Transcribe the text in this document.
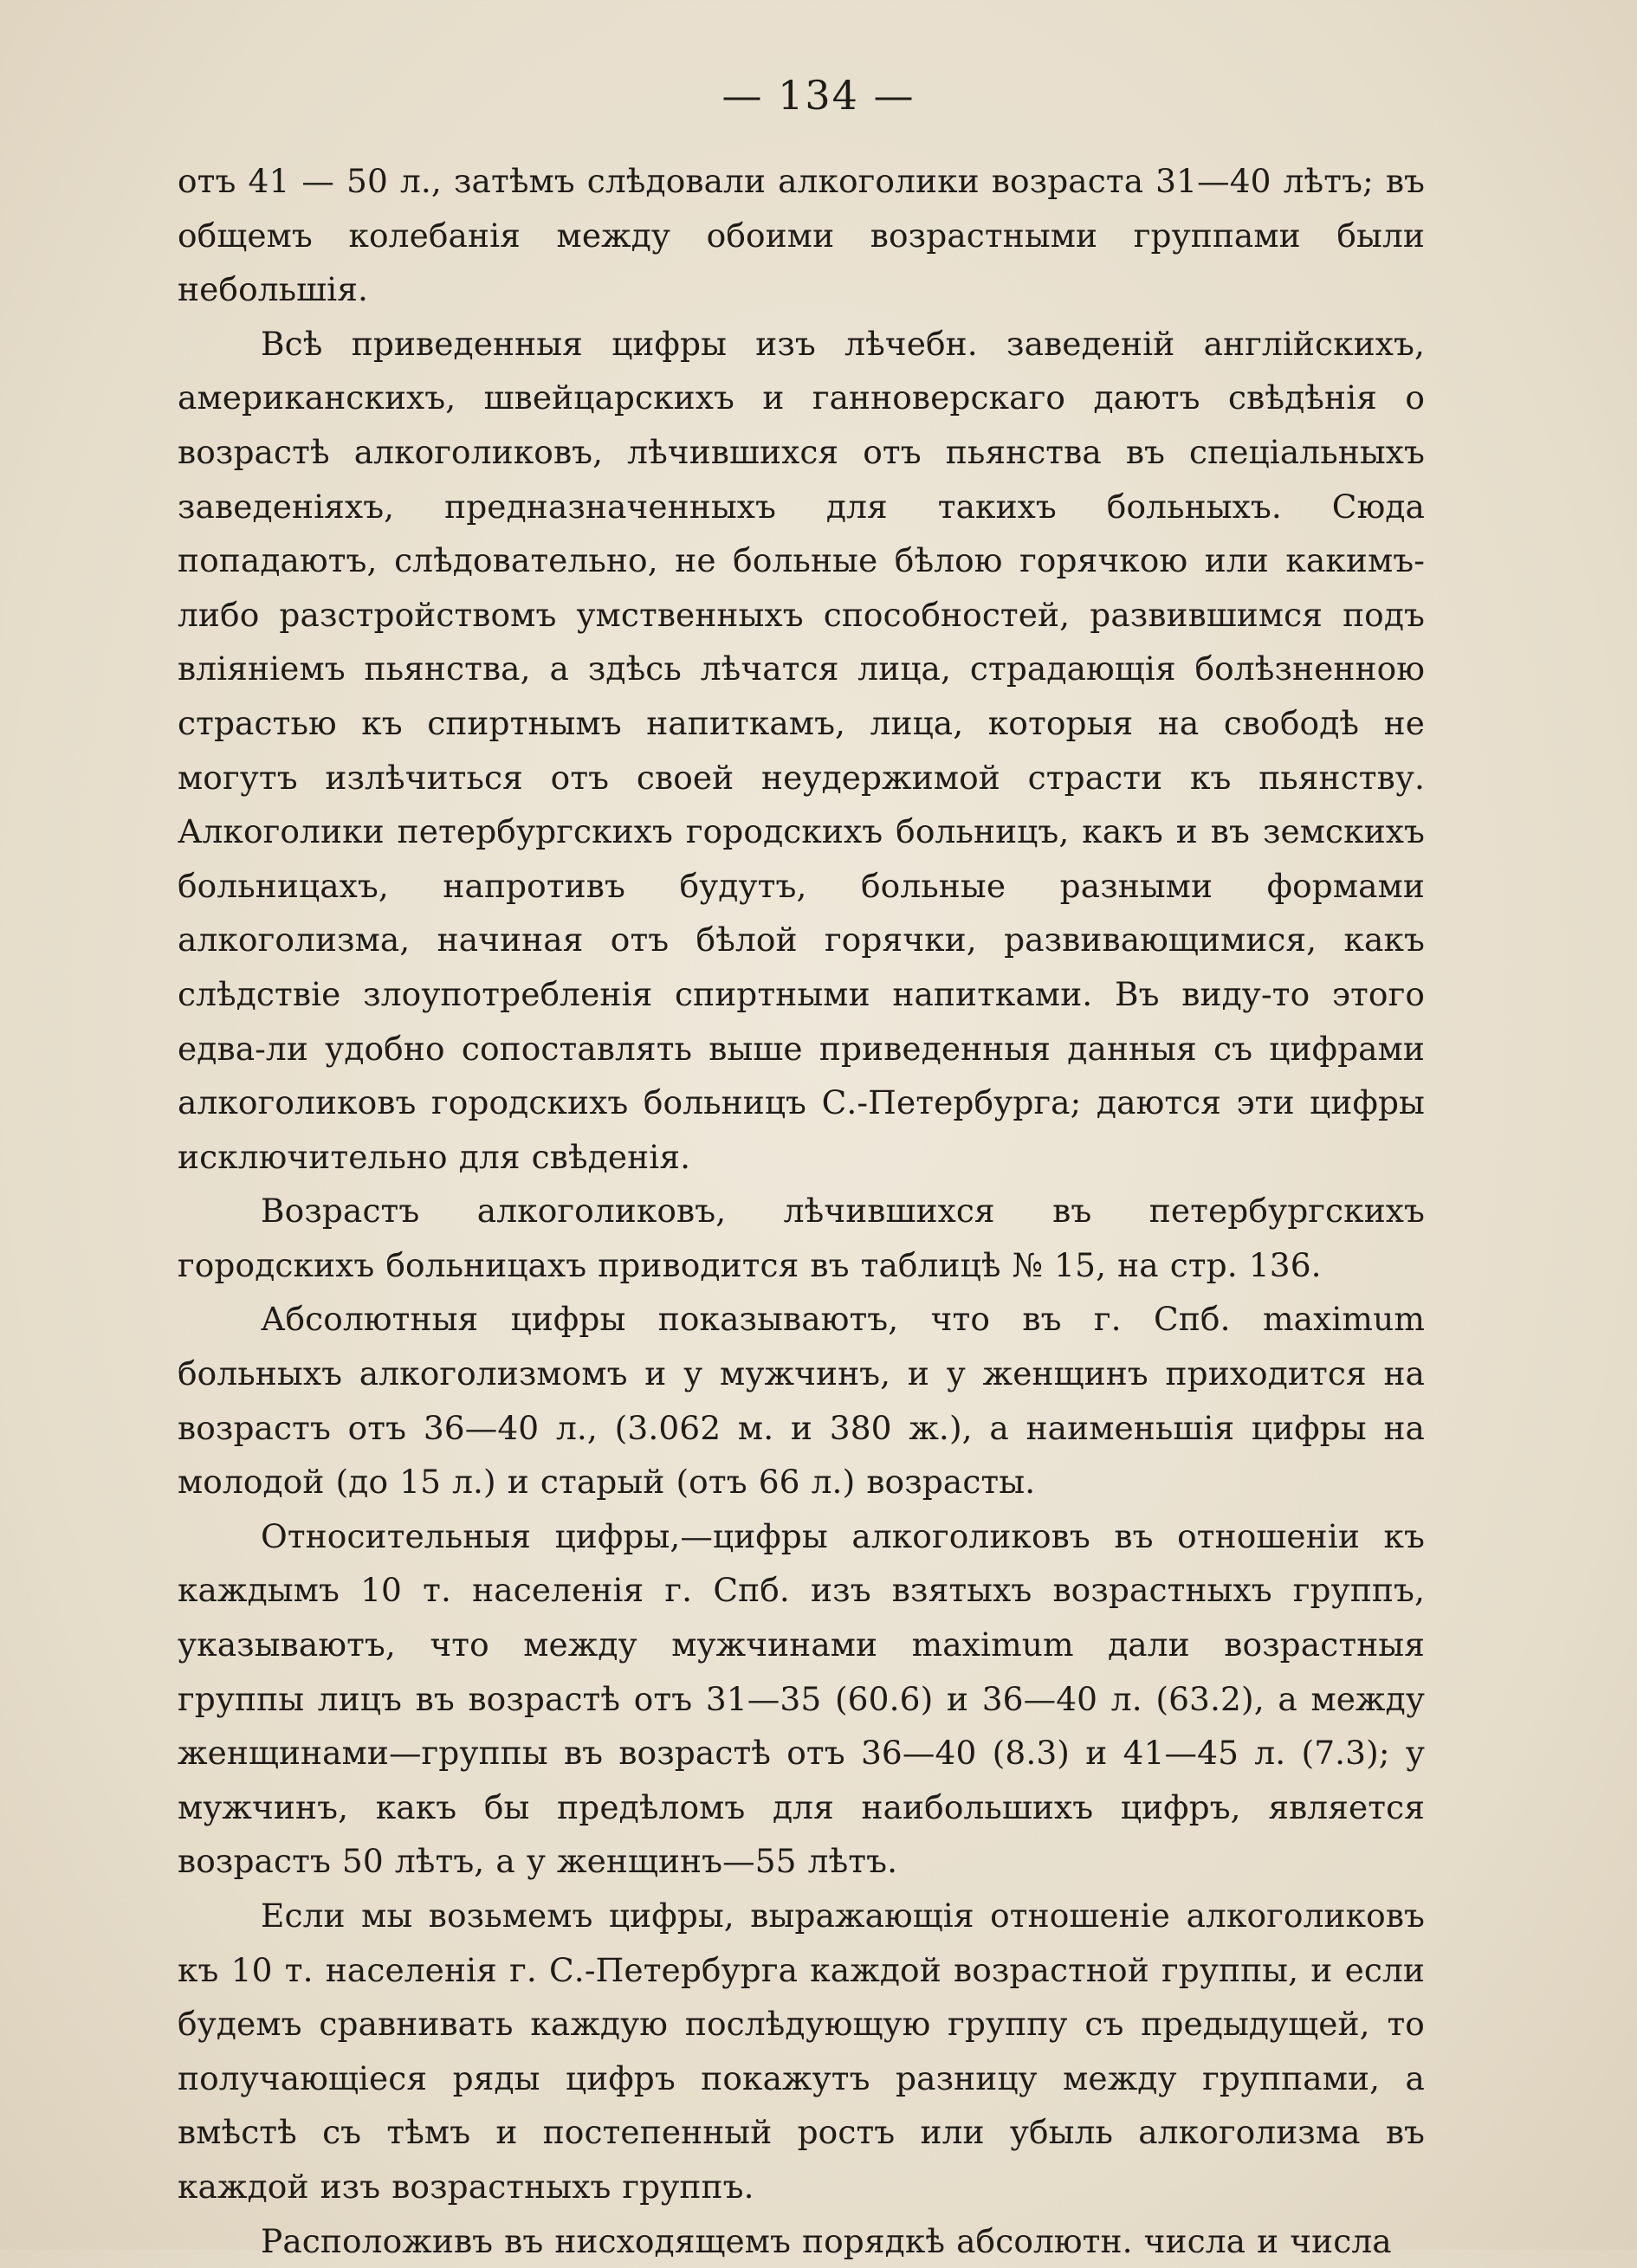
— 134 —

отъ 41 — 50 л., затѣмъ слѣдовали алкоголики возраста 31—40 лѣтъ; въ общемъ колебанія между обоими возрастными группами были небольшія.

Всѣ приведенныя цифры изъ лѣчебн. заведеній англійскихъ, американскихъ, швейцарскихъ и ганноверскаго даютъ свѣдѣнія о возрастѣ алкоголиковъ, лѣчившихся отъ пьянства въ спеціальныхъ заведеніяхъ, предназначенныхъ для такихъ больныхъ. Сюда попадаютъ, слѣдовательно, не больные бѣлою горячкою или какимъ-либо разстройствомъ умственныхъ способностей, развившимся подъ вліяніемъ пьянства, а здѣсь лѣчатся лица, страдающія болѣзненною страстью къ спиртнымъ напиткамъ, лица, которыя на свободѣ не могутъ излѣчиться отъ своей неудержимой страсти къ пьянству. Алкоголики петербургскихъ городскихъ больницъ, какъ и въ земскихъ больницахъ, напротивъ будутъ, больные разными формами алкоголизма, начиная отъ бѣлой горячки, развивающимися, какъ слѣдствіе злоупотребленія спиртными напитками. Въ виду-то этого едва-ли удобно сопоставлять выше приведенныя данныя съ цифрами алкоголиковъ городскихъ больницъ С.-Петербурга; даются эти цифры исключительно для свѣденія.

Возрастъ алкоголиковъ, лѣчившихся въ петербургскихъ городскихъ больницахъ приводится въ таблицѣ № 15, на стр. 136.

Абсолютныя цифры показываютъ, что въ г. Спб. maximum больныхъ алкоголизмомъ и у мужчинъ, и у женщинъ приходится на возрастъ отъ 36—40 л., (3.062 м. и 380 ж.), а наименьшія цифры на молодой (до 15 л.) и старый (отъ 66 л.) возрасты.

Относительныя цифры,—цифры алкоголиковъ въ отношеніи къ каждымъ 10 т. населенія г. Спб. изъ взятыхъ возрастныхъ группъ, указываютъ, что между мужчинами maximum дали возрастныя группы лицъ въ возрастѣ отъ 31—35 (60.6) и 36—40 л. (63.2), а между женщинами—группы въ возрастѣ отъ 36—40 (8.3) и 41—45 л. (7.3); у мужчинъ, какъ бы предѣломъ для наибольшихъ цифръ, является возрастъ 50 лѣтъ, а у женщинъ—55 лѣтъ.

Если мы возьмемъ цифры, выражающія отношеніе алкоголиковъ къ 10 т. населенія г. С.-Петербурга каждой возрастной группы, и если будемъ сравнивать каждую послѣдующую группу съ предыдущей, то получающіеся ряды цифръ покажутъ разницу между группами, а вмѣстѣ съ тѣмъ и постепенный ростъ или убыль алкоголизма въ каждой изъ возрастныхъ группъ.

Расположивъ въ нисходящемъ порядкѣ абсолютн. числа и числа
